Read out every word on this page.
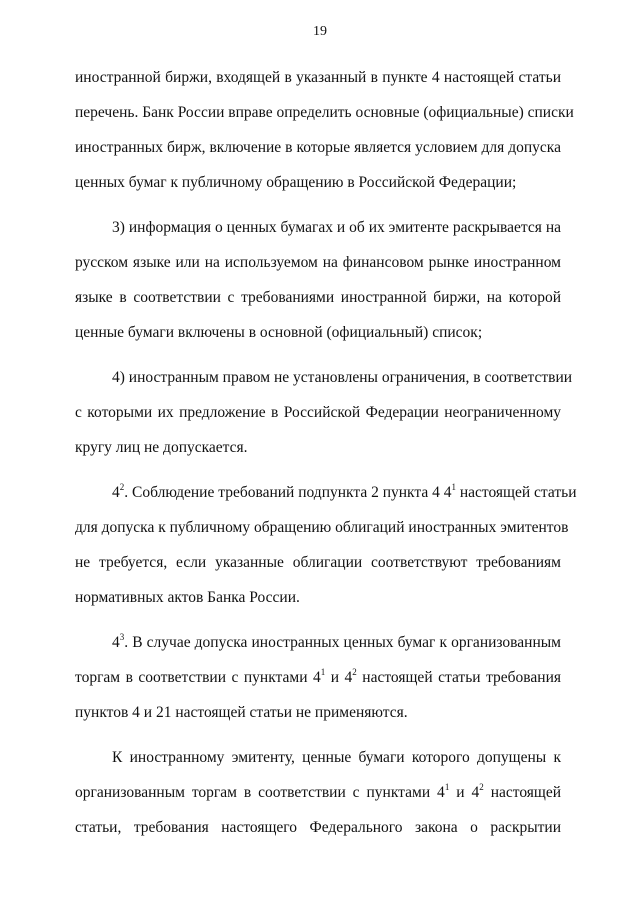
19
иностранной биржи, входящей в указанный в пункте 4 настоящей статьи
перечень. Банк России вправе определить основные (официальные) списки
иностранных бирж, включение в которые является условием для допуска
ценных бумаг к публичному обращению в Российской Федерации;
3) информация о ценных бумагах и об их эмитенте раскрывается на
русском языке или на используемом на финансовом рынке иностранном
языке в соответствии с требованиями иностранной биржи, на которой
ценные бумаги включены в основной (официальный) список;
4) иностранным правом не установлены ограничения, в соответствии
с которыми их предложение в Российской Федерации неограниченному
кругу лиц не допускается.
$4^2$. Соблюдение требований подпункта 2 пункта 4 $4^1$ настоящей статьи
для допуска к публичному обращению облигаций иностранных эмитентов
не требуется, если указанные облигации соответствуют требованиям
нормативных актов Банка России.
$4^3$. В случае допуска иностранных ценных бумаг к организованным
торгам в соответствии с пунктами $4^1$ и $4^2$ настоящей статьи требования
пунктов 4 и 21 настоящей статьи не применяются.
К иностранному эмитенту, ценные бумаги которого допущены к
организованным торгам в соответствии с пунктами $4^1$ и $4^2$ настоящей
статьи, требования настоящего Федерального закона о раскрытии
